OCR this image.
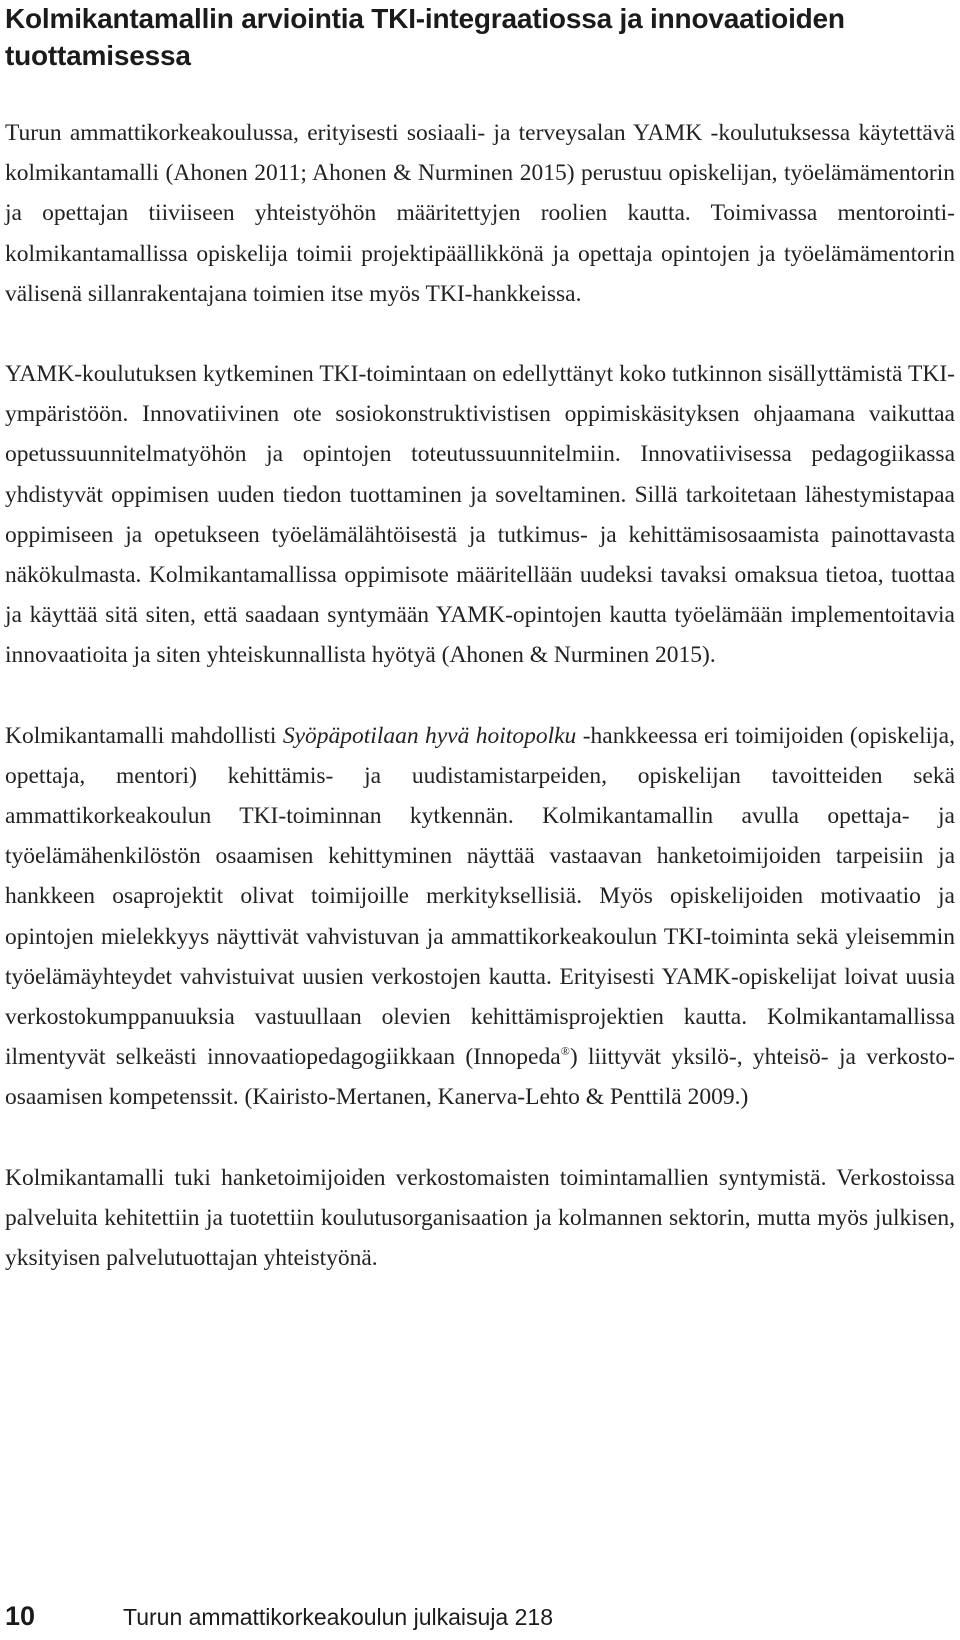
Kolmikantamallin arviointia TKI-integraatiossa ja innovaatioiden tuottamisessa

Turun ammattikorkeakoulussa, erityisesti sosiaali- ja terveysalan YAMK -koulutuksessa käytettävä kolmikantamalli (Ahonen 2011; Ahonen & Nurminen 2015) perustuu opiskelijan, työelämämentorin ja opettajan tiiviiseen yhteistyöhön määritettyjen roolien kautta. Toimivassa mentorointi-kolmikantamallissa opiskelija toimii projektipäällikkönä ja opettaja opintojen ja työelämämentorin välisenä sillanrakentajana toimien itse myös TKI-hankkeissa.

YAMK-koulutuksen kytkeminen TKI-toimintaan on edellyttänyt koko tutkinnon sisällyttämistä TKI-ympäristöön. Innovatiivinen ote sosiokonstruktivistisen oppimiskäsityksen ohjaamana vaikuttaa opetussuunnitelmatyöhön ja opintojen toteutussuunnitelmiin. Innovatiivisessa pedagogiikassa yhdistyvät oppimisen uuden tiedon tuottaminen ja soveltaminen. Sillä tarkoitetaan lähestymistapaa oppimiseen ja opetukseen työelämälähtöisestä ja tutkimus- ja kehittämisosaamista painottavasta näkökulmasta. Kolmikantamallissa oppimisote määritellään uudeksi tavaksi omaksua tietoa, tuottaa ja käyttää sitä siten, että saadaan syntymään YAMK-opintojen kautta työelämään implementoitavia innovaatioita ja siten yhteiskunnallista hyötyä (Ahonen & Nurminen 2015).

Kolmikantamalli mahdollisti Syöpäpotilaan hyvä hoitopolku -hankkeessa eri toimijoiden (opiskelija, opettaja, mentori) kehittämis- ja uudistamistarpeiden, opiskelijan tavoitteiden sekä ammattikorkeakoulun TKI-toiminnan kytkennän. Kolmikantamallin avulla opettaja- ja työelämähenkilöstön osaamisen kehittyminen näyttää vastaavan hanketoimijoiden tarpeisiin ja hankkeen osaprojektit olivat toimijoille merkityksellisiä. Myös opiskelijoiden motivaatio ja opintojen mielekkyys näyttivät vahvistuvan ja ammattikorkeakoulun TKI-toiminta sekä yleisemmin työelämäyhteydet vahvistuivat uusien verkostojen kautta. Erityisesti YAMK-opiskelijat loivat uusia verkostokumppanuuksia vastuullaan olevien kehittämisprojektien kautta. Kolmikantamallissa ilmentyvät selkeästi innovaatiopedagogiikkaan (Innopeda®) liittyvät yksilö-, yhteisö- ja verkosto-osaamisen kompetenssit. (Kairisto-Mertanen, Kanerva-Lehto & Penttilä 2009.)

Kolmikantamalli tuki hanketoimijoiden verkostomaisten toimintamallien syntymistä. Verkostoissa palveluita kehitettiin ja tuotettiin koulutusorganisaation ja kolmannen sektorin, mutta myös julkisen, yksityisen palvelutuottajan yhteistyönä.

10	Turun ammattikorkeakoulun julkaisuja 218
